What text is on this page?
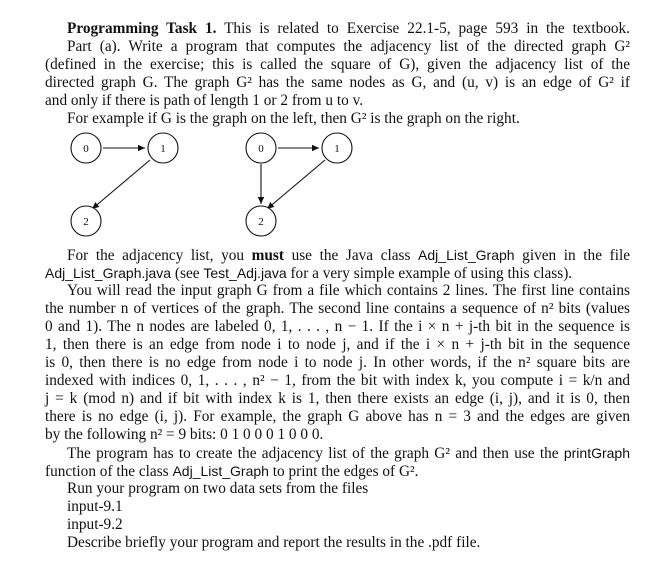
Programming Task 1. This is related to Exercise 22.1-5, page 593 in the textbook.
Part (a). Write a program that computes the adjacency list of the directed graph G²
(defined in the exercise; this is called the square of G), given the adjacency list of the
directed graph G. The graph G² has the same nodes as G, and (u, v) is an edge of G² if
and only if there is path of length 1 or 2 from u to v.
For example if G is the graph on the left, then G² is the graph on the right.
0	1
2
0	1
2
For the adjacency list, you must use the Java class Adj_List_Graph given in the file
Adj_List_Graph.java (see Test_Adj.java for a very simple example of using this class).
You will read the input graph G from a file which contains 2 lines. The first line contains
the number n of vertices of the graph. The second line contains a sequence of n² bits (values
0 and 1). The n nodes are labeled 0, 1, . . . , n − 1. If the i × n + j-th bit in the sequence is
1, then there is an edge from node i to node j, and if the i × n + j-th bit in the sequence
is 0, then there is no edge from node i to node j. In other words, if the n² square bits are
indexed with indices 0, 1, . . . , n² − 1, from the bit with index k, you compute i = k/n and
j = k (mod n) and if bit with index k is 1, then there exists an edge (i, j), and it is 0, then
there is no edge (i, j). For example, the graph G above has n = 3 and the edges are given
by the following n² = 9 bits: 0 1 0 0 0 1 0 0 0.
The program has to create the adjacency list of the graph G² and then use the printGraph
function of the class Adj_List_Graph to print the edges of G².
Run your program on two data sets from the files
input-9.1
input-9.2
Describe briefly your program and report the results in the .pdf file.
